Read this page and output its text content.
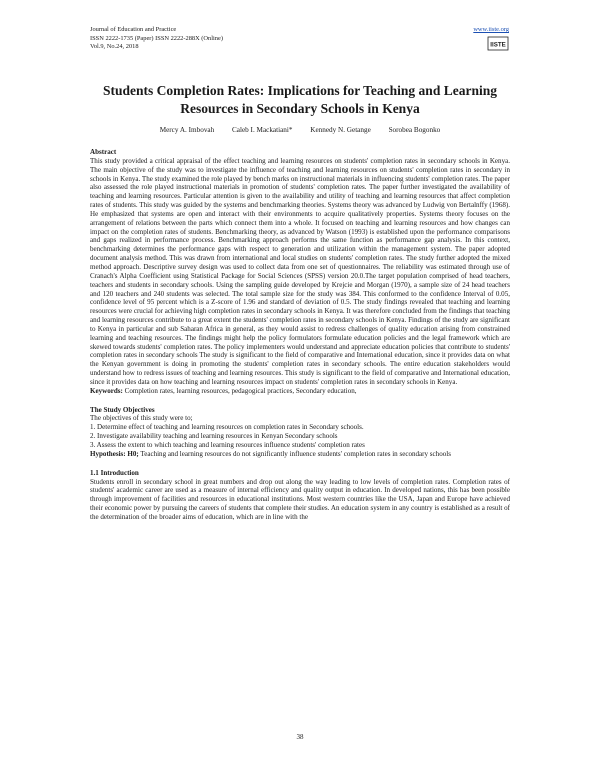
Journal of Education and Practice
ISSN 2222-1735 (Paper) ISSN 2222-288X (Online)
Vol.9, No.24, 2018
www.iiste.org
IISTE
Students Completion Rates: Implications for Teaching and Learning Resources in Secondary Schools in Kenya
Mercy A. Imbovah Caleb I. Mackatiani* Kennedy N. Getange Sorobea Bogonko

Abstract

This study provided a critical appraisal of the effect teaching and learning resources on students' completion rates in secondary schools in Kenya. The main objective of the study was to investigate the influence of teaching and learning resources on students' completion rates in secondary in schools in Kenya. The study examined the role played by bench marks on instructional materials in influencing students' completion rates. The paper also assessed the role played instructional materials in promotion of students' completion rates. The paper further investigated the availability of teaching and learning resources. Particular attention is given to the availability and utility of teaching and learning resources that affect completion rates of students. This study was guided by the systems and benchmarking theories. Systems theory was advanced by Ludwig von Bertalnffy (1968). He emphasized that systems are open and interact with their environments to acquire qualitatively properties. Systems theory focuses on the arrangement of relations between the parts which connect them into a whole. It focused on teaching and learning resources and how changes can impact on the completion rates of students. Benchmarking theory, as advanced by Watson (1993) is established upon the performance comparisons and gaps realized in performance process. Benchmarking approach performs the same function as performance gap analysis. In this context, benchmarking determines the performance gaps with respect to generation and utilization within the management system. The paper adopted document analysis method. This was drawn from international and local studies on students' completion rates. The study further adopted the mixed method approach. Descriptive survey design was used to collect data from one set of questionnaires. The reliability was estimated through use of Cranach's Alpha Coefficient using Statistical Package for Social Sciences (SPSS) version 20.0.The target population comprised of head teachers, teachers and students in secondary schools. Using the sampling guide developed by Krejcie and Morgan (1970), a sample size of 24 head teachers and 120 teachers and 240 students was selected. The total sample size for the study was 384. This conformed to the confidence Interval of 0.05, confidence level of 95 percent which is a Z-score of 1.96 and standard of deviation of 0.5. The study findings revealed that teaching and learning resources were crucial for achieving high completion rates in secondary schools in Kenya. It was therefore concluded from the findings that teaching and learning resources contribute to a great extent the students' completion rates in secondary schools in Kenya. Findings of the study are significant to Kenya in particular and sub Saharan Africa in general, as they would assist to redress challenges of quality education arising from constrained learning and teaching resources. The findings might help the policy formulators formulate education policies and the legal framework which are skewed towards students' completion rates. The policy implementers would understand and appreciate education policies that contribute to students' completion rates in secondary schools The study is significant to the field of comparative and International education, since it provides data on what the Kenyan government is doing in promoting the students' completion rates in secondary schools. The entire education stakeholders would understand how to redress issues of teaching and learning resources. This study is significant to the field of comparative and International education, since it provides data on how teaching and learning resources impact on students' completion rates in secondary schools in Kenya.

Keywords: Completion rates, learning resources, pedagogical practices, Secondary education,

The Study Objectives

The objectives of this study were to;

1. Determine effect of teaching and learning resources on completion rates in Secondary schools.
2. Investigate availability teaching and learning resources in Kenyan Secondary schools
3. Assess the extent to which teaching and learning resources influence students' completion rates

Hypothesis: H0; Teaching and learning resources do not significantly influence students' completion rates in secondary schools

1.1 Introduction

Students enroll in secondary school in great numbers and drop out along the way leading to low levels of completion rates. Completion rates of students' academic career are used as a measure of internal efficiency and quality output in education. In developed nations, this has been possible through improvement of facilities and resources in educational institutions. Most western countries like the USA, Japan and Europe have achieved their economic power by pursuing the careers of students that complete their studies. An education system in any country is established as a result of the determination of the broader aims of education, which are in line with the

38
